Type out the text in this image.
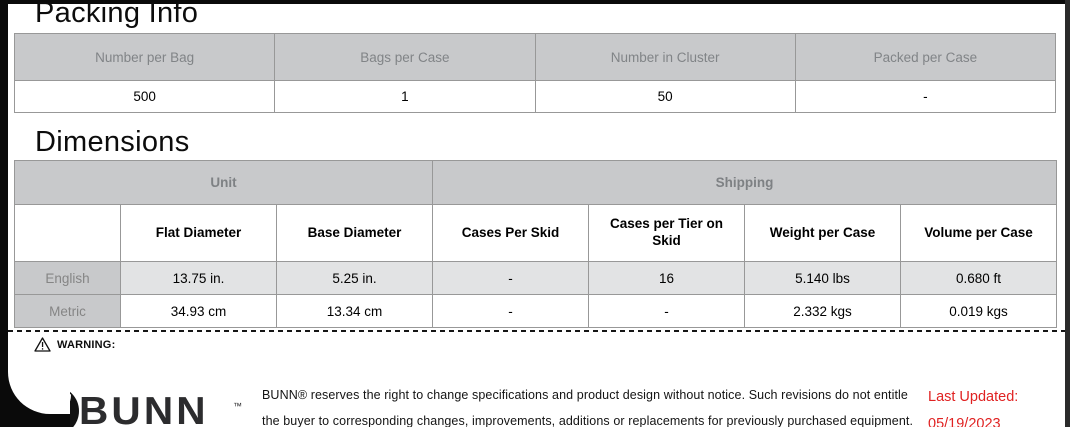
Packing Info
Number per Bag	Bags per Case	Number in Cluster	Packed per Case
500	1	50	-
Dimensions
Unit			Shipping			
	Flat Diameter	Base Diameter	Cases Per Skid	Cases per Tier on Skid	Weight per Case	Volume per Case
English	13.75 in.	5.25 in.	-	16	5.140 lbs	0.680 ft
Metric	34.93 cm	13.34 cm	-	-	2.332 kgs	0.019 kgs
WARNING:
BUNN	™
BUNN® reserves the right to change specifications and product design without notice. Such revisions do not entitle
the buyer to corresponding changes, improvements, additions or replacements for previously purchased equipment.
Last Updated:
05/19/2023
